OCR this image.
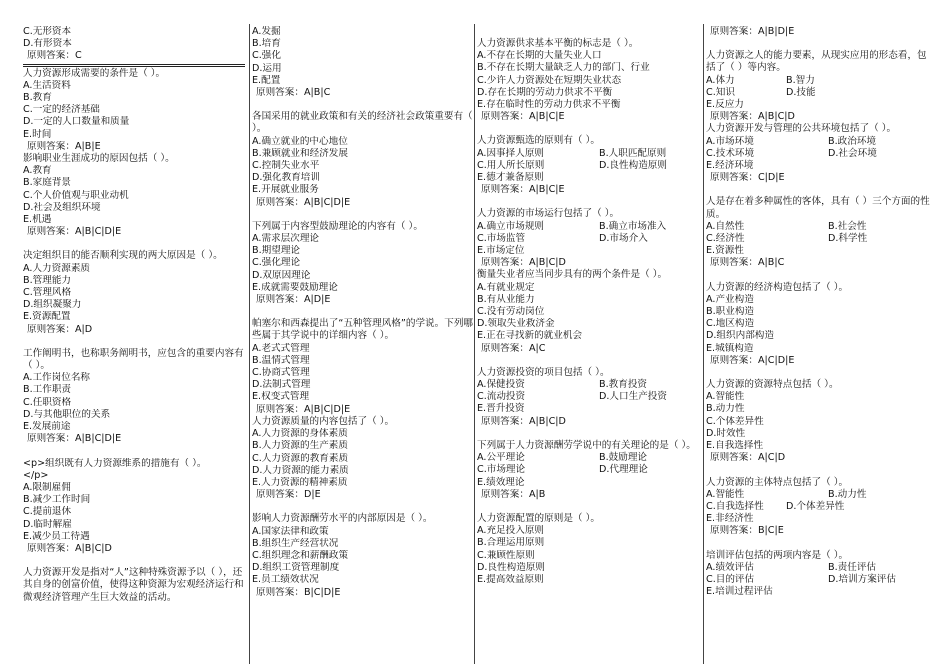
C.无形资本
D.有形资本
原则答案：C
人力资源形成需要的条件是（ ）。
A.生活资料
B.教育
C.一定的经济基础
D.一定的人口数量和质量
E.时间
原则答案：A|B|E
影响职业生涯成功的原因包括（ ）。
A.教育
B.家庭背景
C.个人价值观与职业动机
D.社会及组织环境
E.机遇
原则答案：A|B|C|D|E
决定组织目的能否顺利实现的两大原因是（ ）。
A.人力资源素质
B.管理能力
C.管理风格
D.组织凝聚力
E.资源配置
原则答案：A|D
工作阐明书，也称职务阐明书，应包含的重要内容有（ ）。
A.工作岗位名称
B.工作职责
C.任职资格
D.与其他职位的关系
E.发展前途
原则答案：A|B|C|D|E
<p>组织既有人力资源维系的措施有（ ）。
</p>
A.限制雇佣
B.减少工作时间
C.提前退休
D.临时解雇
E.减少员工待遇
原则答案：A|B|C|D
人力资源开发是指对“人”这种特殊资源予以（ ），还其自身的创富价值，使得这种资源为宏观经济运行和微观经济管理产生巨大效益的活动。
A.发掘
B.培育
C.强化
D.运用
E.配置
原则答案：A|B|C
各国采用的就业政策和有关的经济社会政策重要有（ ）。
A.确立就业的中心地位
B.兼顾就业和经济发展
C.控制失业水平
D.强化教育培训
E.开展就业服务
原则答案：A|B|C|D|E
下列属于内容型鼓励理论的内容有（ ）。
A.需求层次理论
B.期望理论
C.强化理论
D.双原因理论
E.成就需要鼓励理论
原则答案：A|D|E
帕塞尔和西森提出了“五种管理风格”的学说。下列哪些属于其学说中的详细内容（ ）。
A.老式式管理
B.温情式管理
C.协商式管理
D.法制式管理
E.权变式管理
原则答案：A|B|C|D|E
人力资源质量的内容包括了（ ）。
A.人力资源的身体素质
B.人力资源的生产素质
C.人力资源的教育素质
D.人力资源的能力素质
E.人力资源的精神素质
原则答案：D|E
影响人力资源酬劳水平的内部原因是（ ）。
A.国家法律和政策
B.组织生产经营状况
C.组织理念和薪酬政策
D.组织工资管理制度
E.员工绩效状况
原则答案：B|C|D|E
人力资源供求基本平衡的标志是（ ）。
A.不存在长期的大量失业人口
B.不存在长期大量缺乏人力的部门、行业
C.少许人力资源处在短期失业状态
D.存在长期的劳动力供求不平衡
E.存在临时性的劳动力供求不平衡
原则答案：A|B|C|E
人力资源甄选的原则有（ ）。
A.因事择人原则	B.人职匹配原则
C.用人所长原则	D.良性构造原则
E.德才兼备原则
原则答案：A|B|C|E
人力资源的市场运行包括了（ ）。
A.确立市场规则	B.确立市场准入
C.市场监管	D.市场介入
E.市场定位
原则答案：A|B|C|D
衡量失业者应当同步具有的两个条件是（ ）。
A.有就业规定
B.有从业能力
C.没有劳动岗位
D.领取失业救济金
E.正在寻找新的就业机会
原则答案：A|C
人力资源投资的项目包括（ ）。
A.保健投资	B.教育投资
C.流动投资	D.人口生产投资
E.晋升投资
原则答案：A|B|C|D
下列属于人力资源酬劳学说中的有关理论的是（ ）。
A.公平理论	B.鼓励理论
C.市场理论	D.代理理论
E.绩效理论
原则答案：A|B
人力资源配置的原则是（ ）。
A.充足投入原则
B.合理运用原则
C.兼顾性原则
D.良性构造原则
E.提高效益原则
原则答案：A|B|D|E
人力资源之人的能力要素，从现实应用的形态看，包括了（ ）等内容。
A.体力	B.智力
C.知识	D.技能
E.反应力
原则答案：A|B|C|D
人力资源开发与管理的公共环境包括了（ ）。
A.市场环境	B.政治环境
C.技术环境	D.社会环境
E.经济环境
原则答案：C|D|E
人是存在着多种属性的客体，具有（ ）三个方面的性质。
A.自然性	B.社会性
C.经济性	D.科学性
E.资源性
原则答案：A|B|C
人力资源的经济构造包括了（ ）。
A.产业构造
B.职业构造
C.地区构造
D.组织内部构造
E.城镇构造
原则答案：A|C|D|E
人力资源的资源特点包括（ ）。
A.智能性
B.动力性
C.个体差异性
D.时效性
E.自我选择性
原则答案：A|C|D
人力资源的主体特点包括了（ ）。
A.智能性	B.动力性
C.自我选择性	D.个体差异性
E.非经济性
原则答案：B|C|E
培训评估包括的两项内容是（ ）。
A.绩效评估	B.责任评估
C.目的评估	D.培训方案评估
E.培训过程评估
